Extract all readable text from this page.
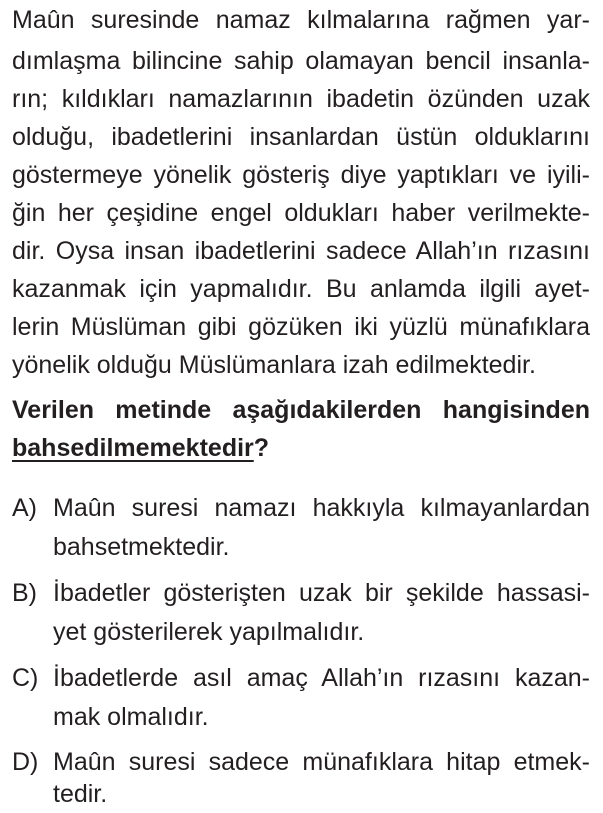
Maûn suresinde namaz kılmalarına rağmen yar-
dımlaşma bilincine sahip olamayan bencil insanla-
rın; kıldıkları namazlarının ibadetin özünden uzak
olduğu, ibadetlerini insanlardan üstün olduklarını
göstermeye yönelik gösteriş diye yaptıkları ve iyili-
ğin her çeşidine engel oldukları haber verilmekte-
dir. Oysa insan ibadetlerini sadece Allah’ın rızasını
kazanmak için yapmalıdır. Bu anlamda ilgili ayet-
lerin Müslüman gibi gözüken iki yüzlü münafıklara
yönelik olduğu Müslümanlara izah edilmektedir.
Verilen metinde aşağıdakilerden hangisinden
bahsedilmemektedir?
A) Maûn suresi namazı hakkıyla kılmayanlardan
bahsetmektedir.
B) İbadetler gösterişten uzak bir şekilde hassasi-
yet gösterilerek yapılmalıdır.
C) İbadetlerde asıl amaç Allah’ın rızasını kazan-
mak olmalıdır.
D) Maûn suresi sadece münafıklara hitap etmek-
tedir.
